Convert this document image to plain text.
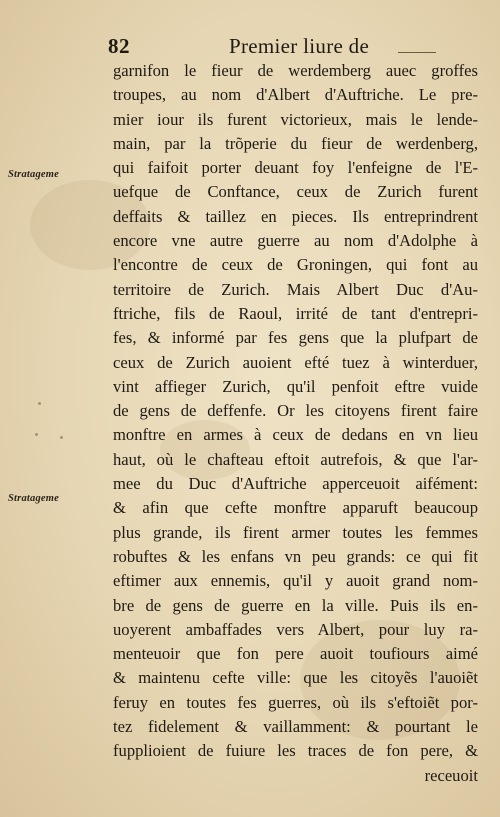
82	Premier liure de
Stratageme
Stratageme
garnifon le fieur de werdemberg auec groffes
troupes, au nom d'Albert d'Auftriche. Le pre-
mier iour ils furent victorieux, mais le lende-
main, par la trõperie du fieur de werdenberg,
qui faifoit porter deuant foy l'enfeigne de l'E-
uefque de Conftance, ceux de Zurich furent
deffaits & taillez en pieces. Ils entreprindrent
encore vne autre guerre au nom d'Adolphe à
l'encontre de ceux de Groningen, qui font au
territoire de Zurich. Mais Albert Duc d'Au-
ftriche, fils de Raoul, irrité de tant d'entrepri-
fes, & informé par fes gens que la plufpart de
ceux de Zurich auoient efté tuez à winterduer,
vint affieger Zurich, qu'il penfoit eftre vuide
de gens de deffenfe. Or les citoyens firent faire
monftre en armes à ceux de dedans en vn lieu
haut, où le chafteau eftoit autrefois, & que l'ar-
mee du Duc d'Auftriche apperceuoit aifément:
& afin que cefte monftre apparuft beaucoup
plus grande, ils firent armer toutes les femmes
robuftes & les enfans vn peu grands: ce qui fit
eftimer aux ennemis, qu'il y auoit grand nom-
bre de gens de guerre en la ville. Puis ils en-
uoyerent ambaffades vers Albert, pour luy ra-
menteuoir que fon pere auoit toufiours aimé
& maintenu cefte ville: que les citoyẽs l'auoiẽt
feruy en toutes fes guerres, où ils s'eftoiẽt por-
tez fidelement & vaillamment: & pourtant le
fupplioient de fuiure les traces de fon pere, &
receuoit
